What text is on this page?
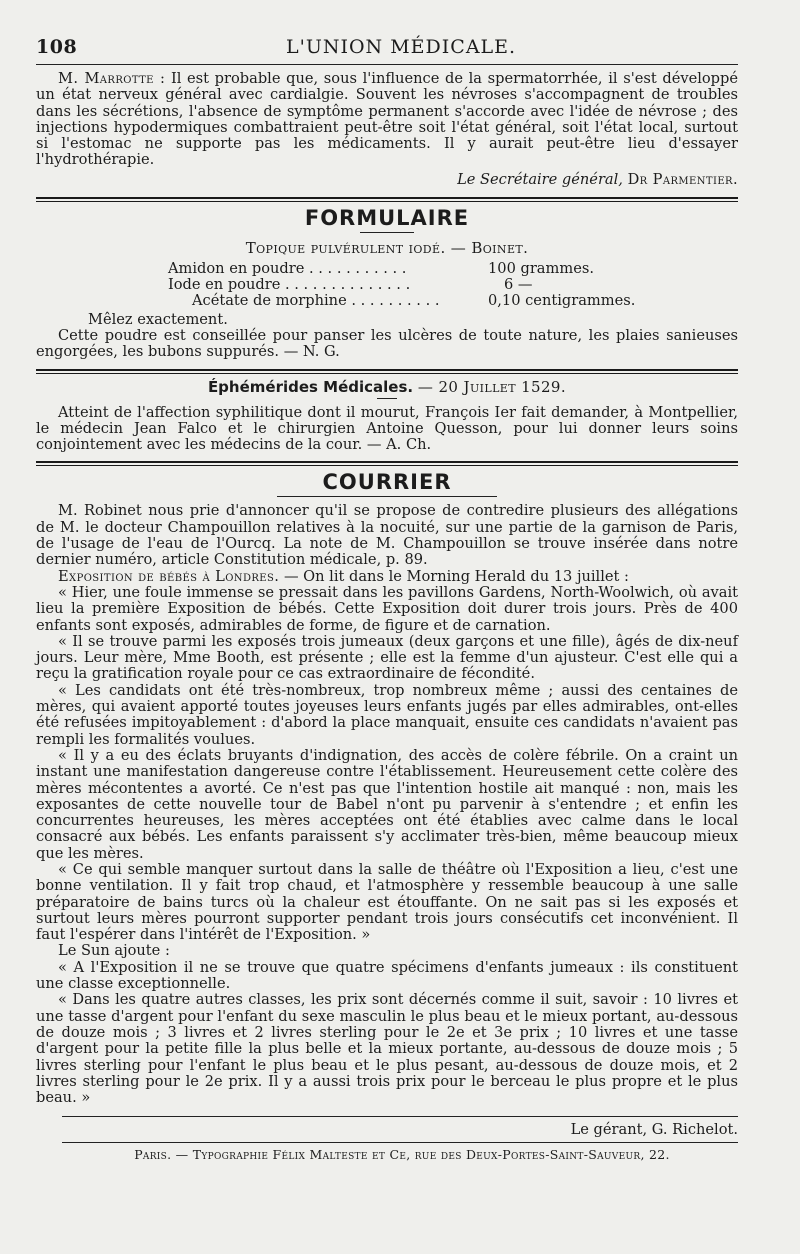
108	L'UNION MÉDICALE.

M. Marrotte : Il est probable que, sous l'influence de la spermatorrhée, il s'est développé un état nerveux général avec cardialgie. Souvent les névroses s'accompagnent de troubles dans les sécrétions, l'absence de symptôme permanent s'accorde avec l'idée de névrose ; des injections hypodermiques combattraient peut-être soit l'état général, soit l'état local, surtout si l'estomac ne supporte pas les médicaments. Il y aurait peut-être lieu d'essayer l'hydrothérapie.

Le Secrétaire général, Dr Parmentier.
FORMULAIRE
Topique pulvérulent iodé. — Boinet.
Amidon en poudre . . . . . . . . . . .	100 grammes.
Iode en poudre . . . . . . . . . . . . . .	6 —
Acétate de morphine . . . . . . . . . .	0,10 centigrammes.

Mêlez exactement.

Cette poudre est conseillée pour panser les ulcères de toute nature, les plaies sanieuses engorgées, les bubons suppurés. — N. G.

Éphémérides Médicales. — 20 Juillet 1529.

Atteint de l'affection syphilitique dont il mourut, François Ier fait demander, à Montpellier, le médecin Jean Falco et le chirurgien Antoine Quesson, pour lui donner leurs soins conjointement avec les médecins de la cour. — A. Ch.

COURRIER

M. Robinet nous prie d'annoncer qu'il se propose de contredire plusieurs des allégations de M. le docteur Champouillon relatives à la nocuité, sur une partie de la garnison de Paris, de l'usage de l'eau de l'Ourcq. La note de M. Champouillon se trouve insérée dans notre dernier numéro, article Constitution médicale, p. 89.

Exposition de bébés à Londres. — On lit dans le Morning Herald du 13 juillet :

« Hier, une foule immense se pressait dans les pavillons Gardens, North-Woolwich, où avait lieu la première Exposition de bébés. Cette Exposition doit durer trois jours. Près de 400 enfants sont exposés, admirables de forme, de figure et de carnation.

« Il se trouve parmi les exposés trois jumeaux (deux garçons et une fille), âgés de dix-neuf jours. Leur mère, Mme Booth, est présente ; elle est la femme d'un ajusteur. C'est elle qui a reçu la gratification royale pour ce cas extraordinaire de fécondité.

« Les candidats ont été très-nombreux, trop nombreux même ; aussi des centaines de mères, qui avaient apporté toutes joyeuses leurs enfants jugés par elles admirables, ont-elles été refusées impitoyablement : d'abord la place manquait, ensuite ces candidats n'avaient pas rempli les formalités voulues.

« Il y a eu des éclats bruyants d'indignation, des accès de colère fébrile. On a craint un instant une manifestation dangereuse contre l'établissement. Heureusement cette colère des mères mécontentes a avorté. Ce n'est pas que l'intention hostile ait manqué : non, mais les exposantes de cette nouvelle tour de Babel n'ont pu parvenir à s'entendre ; et enfin les concurrentes heureuses, les mères acceptées ont été établies avec calme dans le local consacré aux bébés. Les enfants paraissent s'y acclimater très-bien, même beaucoup mieux que les mères.

« Ce qui semble manquer surtout dans la salle de théâtre où l'Exposition a lieu, c'est une bonne ventilation. Il y fait trop chaud, et l'atmosphère y ressemble beaucoup à une salle préparatoire de bains turcs où la chaleur est étouffante. On ne sait pas si les exposés et surtout leurs mères pourront supporter pendant trois jours consécutifs cet inconvénient. Il faut l'espérer dans l'intérêt de l'Exposition. »

Le Sun ajoute :

« A l'Exposition il ne se trouve que quatre spécimens d'enfants jumeaux : ils constituent une classe exceptionnelle.

« Dans les quatre autres classes, les prix sont décernés comme il suit, savoir : 10 livres et une tasse d'argent pour l'enfant du sexe masculin le plus beau et le mieux portant, au-dessous de douze mois ; 3 livres et 2 livres sterling pour le 2e et 3e prix ; 10 livres et une tasse d'argent pour la petite fille la plus belle et la mieux portante, au-dessous de douze mois ; 5 livres sterling pour l'enfant le plus beau et le plus pesant, au-dessous de douze mois, et 2 livres sterling pour le 2e prix. Il y a aussi trois prix pour le berceau le plus propre et le plus beau. »

Le gérant, G. Richelot.
Paris. — Typographie Félix Malteste et Ce, rue des Deux-Portes-Saint-Sauveur, 22.
